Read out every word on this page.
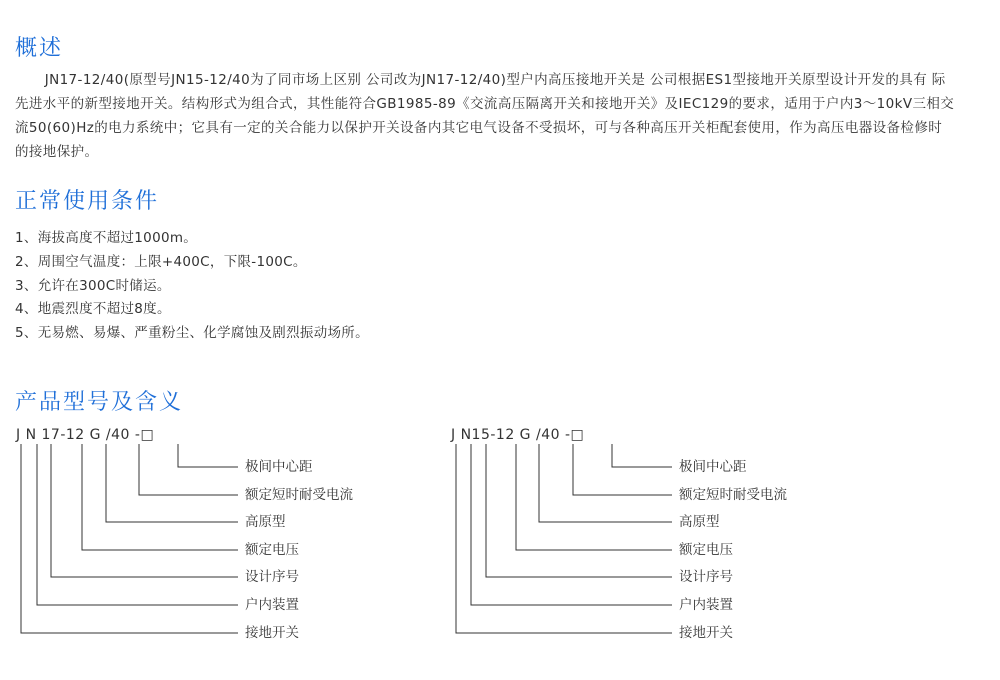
概述

JN17-12/40(原型号JN15-12/40为了同市场上区别 公司改为JN17-12/40)型户内高压接地开关是 公司根据ES1型接地开关原型设计开发的具有 际先进水平的新型接地开关。结构形式为组合式，其性能符合GB1985-89《交流高压隔离开关和接地开关》及IEC129的要求，适用于户内3～10kV三相交流50(60)Hz的电力系统中；它具有一定的关合能力以保护开关设备内其它电气设备不受损坏，可与各种高压开关柜配套使用，作为高压电器设备检修时的接地保护。

正常使用条件
1、海拔高度不超过1000m。
2、周围空气温度：上限+400C，下限-100C。
3、允许在300C时储运。
4、地震烈度不超过8度。
5、无易燃、易爆、严重粉尘、化学腐蚀及剧烈振动场所。
产品型号及含义
J N 17-12 G /40 -□	J N15-12 G /40 -□
极间中心距
额定短时耐受电流
高原型
额定电压
设计序号
户内装置
接地开关
极间中心距
额定短时耐受电流
高原型
额定电压
设计序号
户内装置
接地开关
